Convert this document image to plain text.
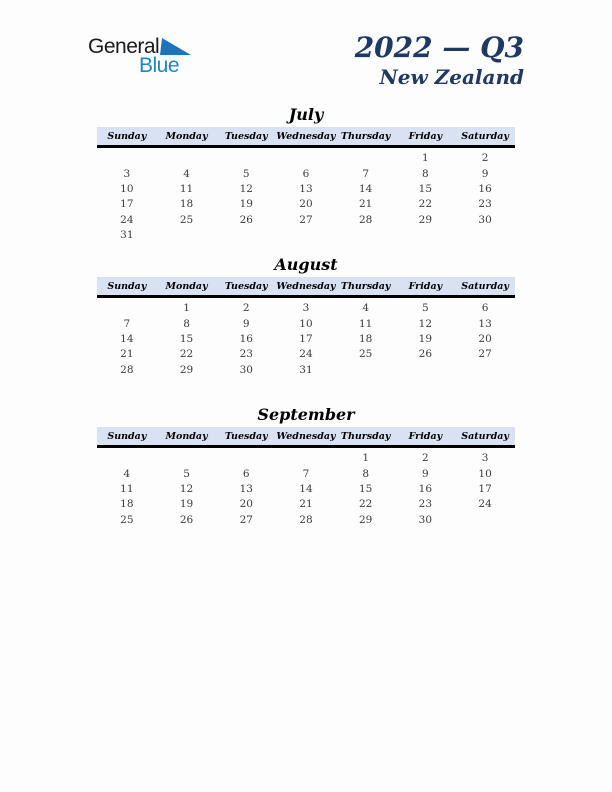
General
Blue
2022 — Q3
New Zealand
July
Sunday	Monday	Tuesday	Wednesday	Thursday	Friday	Saturday
					1	2
3	4	5	6	7	8	9
10	11	12	13	14	15	16
17	18	19	20	21	22	23
24	25	26	27	28	29	30
31						
August
Sunday	Monday	Tuesday	Wednesday	Thursday	Friday	Saturday
	1	2	3	4	5	6
7	8	9	10	11	12	13
14	15	16	17	18	19	20
21	22	23	24	25	26	27
28	29	30	31			
September
Sunday	Monday	Tuesday	Wednesday	Thursday	Friday	Saturday
				1	2	3
4	5	6	7	8	9	10
11	12	13	14	15	16	17
18	19	20	21	22	23	24
25	26	27	28	29	30	
